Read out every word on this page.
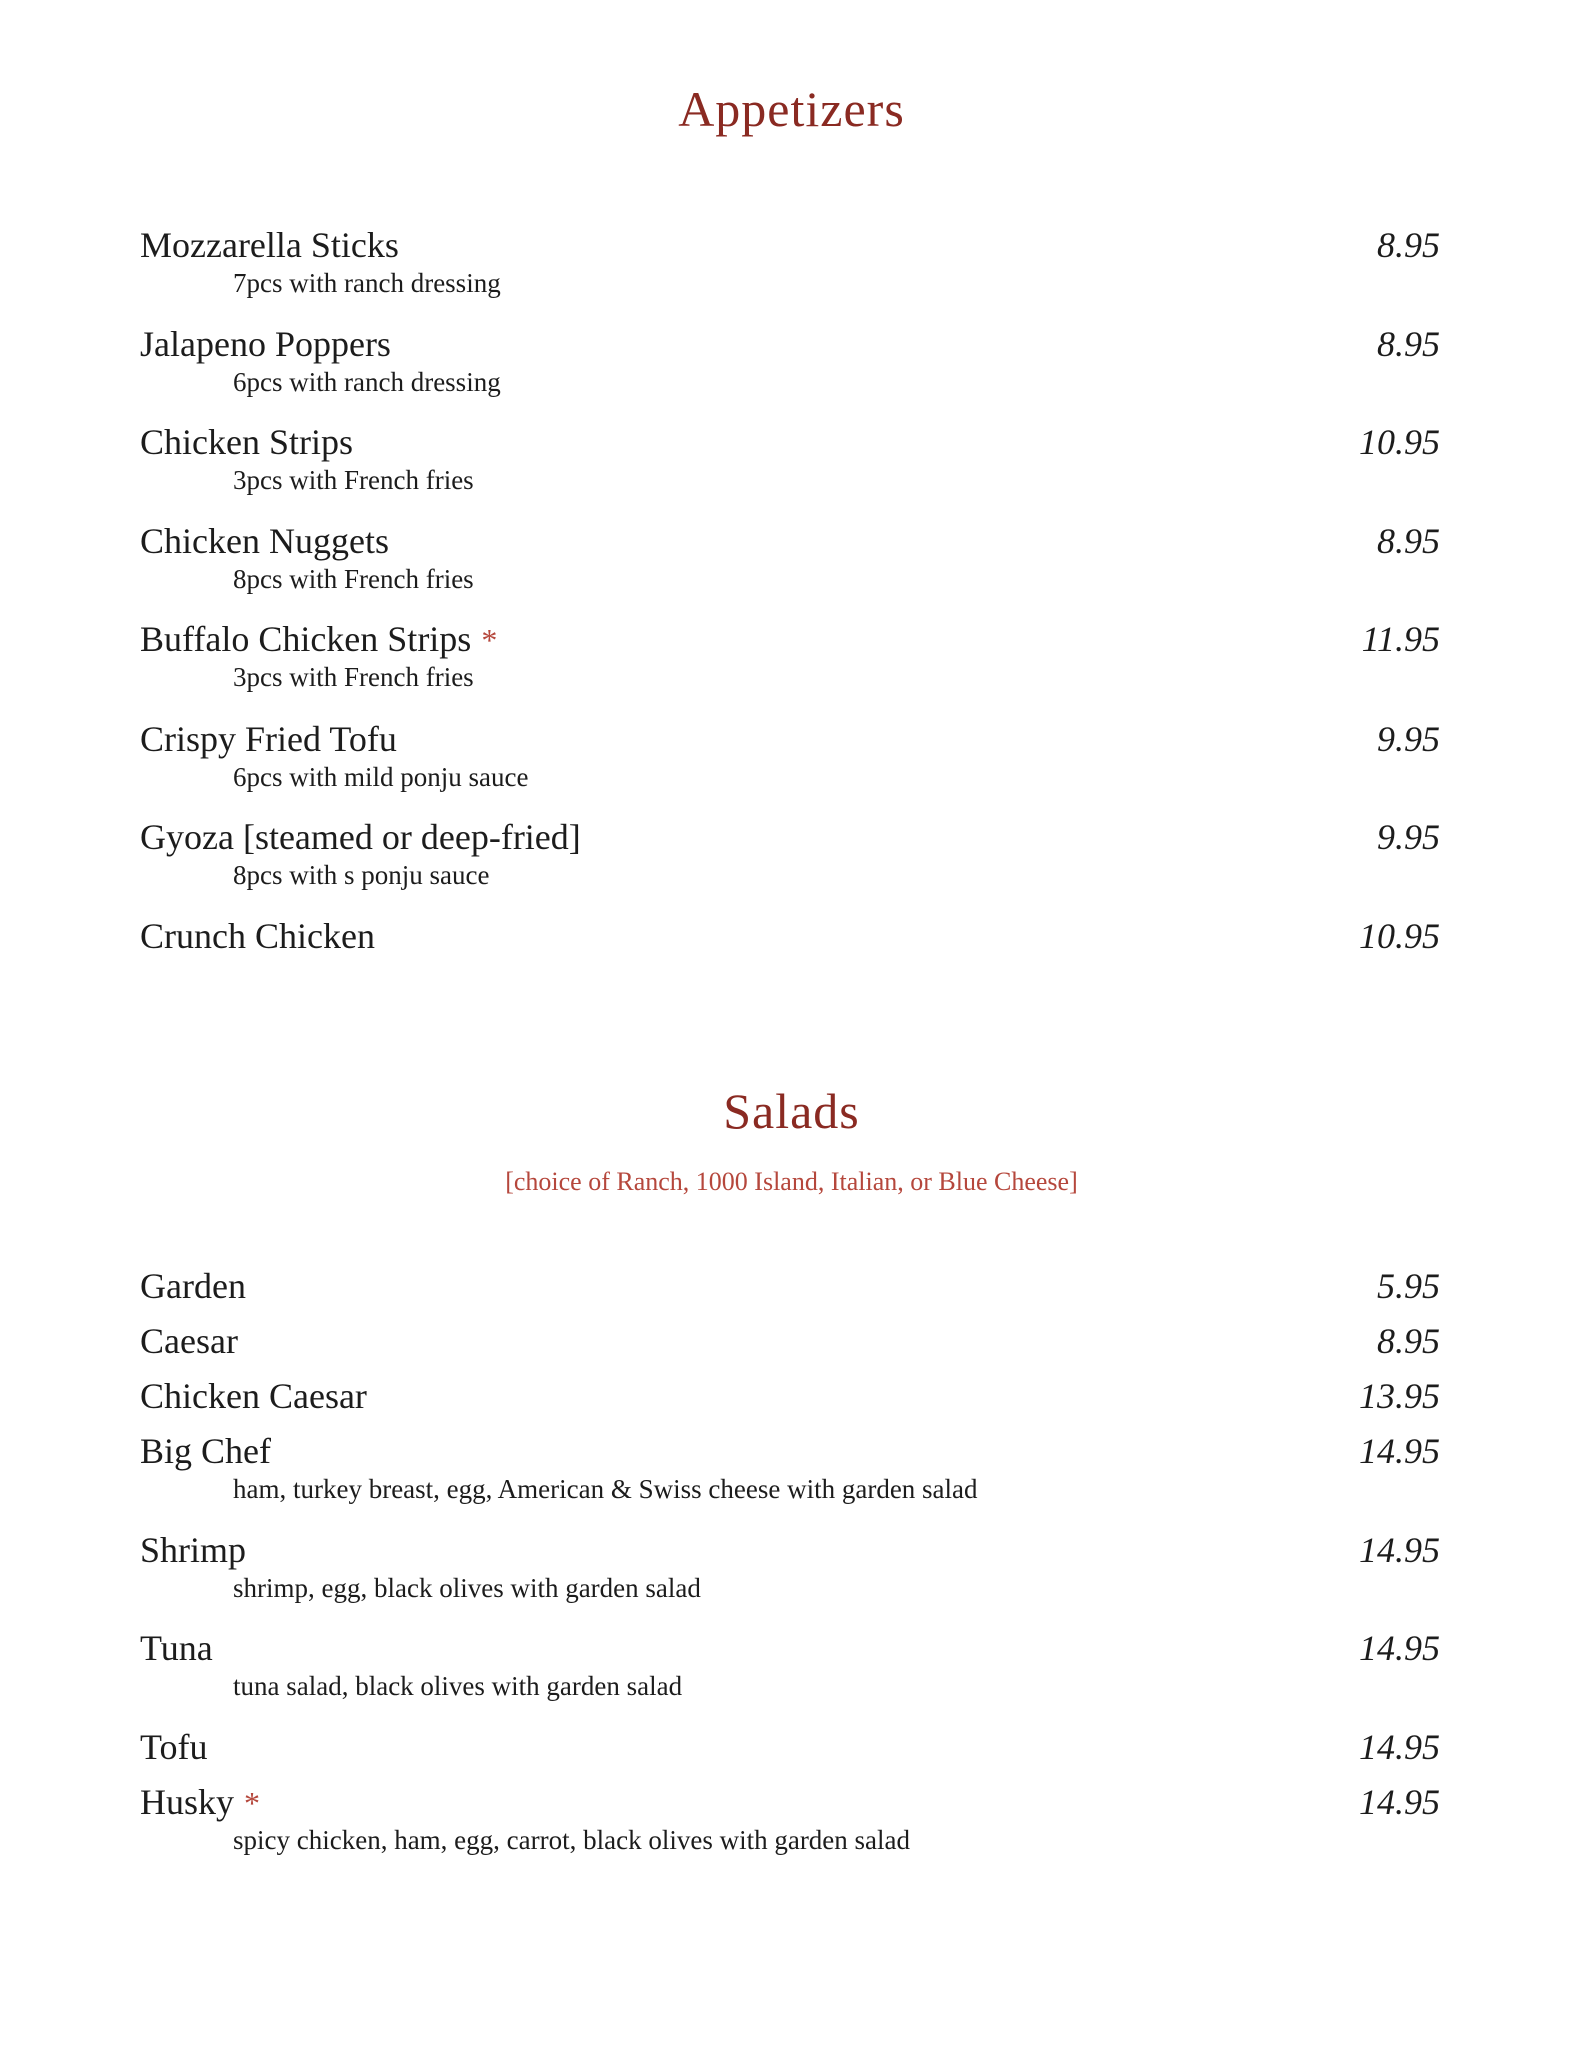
Appetizers
Mozzarella Sticks	8.95
7pcs with ranch dressing
Jalapeno Poppers	8.95
6pcs with ranch dressing
Chicken Strips	10.95
3pcs with French fries
Chicken Nuggets	8.95
8pcs with French fries
Buffalo Chicken Strips *	11.95
3pcs with French fries
Crispy Fried Tofu	9.95
6pcs with mild ponju sauce
Gyoza [steamed or deep-fried]	9.95
8pcs with s ponju sauce
Crunch Chicken	10.95
Salads
[choice of Ranch, 1000 Island, Italian, or Blue Cheese]
Garden	5.95
Caesar	8.95
Chicken Caesar	13.95
Big Chef	14.95
ham, turkey breast, egg, American & Swiss cheese with garden salad
Shrimp	14.95
shrimp, egg, black olives with garden salad
Tuna	14.95
tuna salad, black olives with garden salad
Tofu	14.95
Husky *	14.95
spicy chicken, ham, egg, carrot, black olives with garden salad
